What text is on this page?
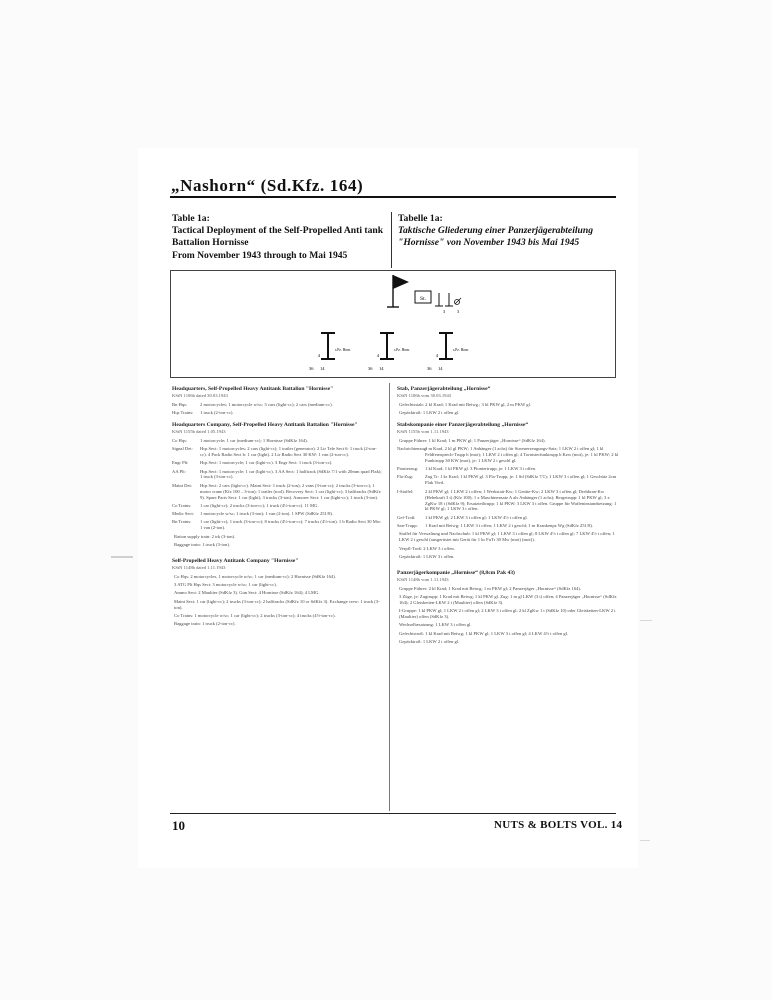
„Nashorn“ (Sd.Kfz. 164)
Table 1a:
Tactical Deployment of the Self-Propelled Anti tank
Battalion Hornisse
From November 1943 through to Mai 1945
Tabelle 1a:
Taktische Gliederung einer Panzerjägerabteilung
"Hornisse" von November 1943 bis Mai 1945
St.
3	3
s.Pz. Horn.
4
36 14
s.Pz. Horn.
4
36 14
s.Pz. Horn.
4
36 14
Headquarters, Self-Propelled Heavy Antitank Battalion "Hornisse"
KStN 1106b dated 30.03.1943
Bn Hqs:	2 motorcycles; 1 motorcycle w/sc; 3 cars (light-cc); 2 cars (medium-cc).
Hqs Trains:	1 truck (2-ton-cc).
Headquarters Company, Self-Propelled Heavy Antitank Battalion "Hornisse"
KStN 1155b dated 1.05.1943
Co Hqs:	1 motorcycle; 1 car (medium-cc); 1 Hornisse (SdKfz 164).
Signal Det:	Hqs Sect: 1 motorcycles; 2 cars (light-cc); 1 trailer (generator). 2 Ltr Tele Sect 6: 1 truck (2-ton-cc). 4 Pack Radio Sect b: 1 car (light). 2 Ltr Radio Sect 30 KW: 1 van (2-ton-cc).
Engr Plt:	Hqs Sect: 1 motorcycle; 1 car (light-cc). 3 Engr Sect: 1 truck (3-ton-cc).
AA Plt:	Hqs Sect: 1 motorcycle; 1 car (light-cc). 3 AA Sect: 1 halftrack (SdKfz 7/1 with 20mm quad Flak); 1 truck (3-ton-cc).
Maint Det:	Hqs Sect: 2 cars (light-cc). Maint Sect: 1 truck (2-ton); 2 vans (3-ton-cc); 2 trucks (3-ton-cc); 1 motor crane (Kfz 100 – 3-ton); 1 trailer (tool). Recovery Sect: 1 car (light-cc); 3 halftracks (SdKfz 9). Spare Parts Sect: 1 car (light); 3 trucks (3-ton). Armorer Sect: 1 car (light-cc); 1 truck (3-ton).
Co Trains:	1 car (light-cc); 2 trucks (3-ton-cc); 1 truck (4½-ton-cc). 11 MG.
Medic Sect:	1 motorcycle w/sc; 1 truck (3-ton); 1 van (2-ton). 1 SPW (SdKfz 251/8).
Bn Trains:	1 car (light-cc); 1 truck (3-ton-cc); 8 trucks (4½-ton-cc); 7 trucks (4½-ton). 1 b Radio Sect 30 Mw: 1 van (2-ton).
Ration supply train: 2 trk (3-ton).
Baggage train: 1 truck (3-ton).
Self-Propelled Heavy Antitank Company "Hornisse"
KStN 1148b dated 1.11.1943
Co Hqs: 2 motorcycles, 1 motorcycle w/sc; 1 car (medium-cc); 2 Hornisse (SdKfz 164).
3 ATG Plt Hqs Sect: 3 motorcycle w/sc; 1 car (light-cc).
Ammo Sect: 2 Maultier (SdKfz 3). Gun Sect: 4 Hornisse (SdKfz 164); 4 LMG.
Maint Sect: 1 car (light-cc); 2 trucks (3-ton-cc); 2 halftracks (SdKfz 10 or SdKfz 3). Exchange crew: 1 truck (3-ton).
Co Trains: 1 motorcycle w/sc; 1 car (light-cc); 2 trucks (3-ton-cc); 4 trucks (4½-ton-cc).
Baggage train: 1 truck (2-ton-cc).
Stab, Panzerjägerabteilung „Hornisse“
KStN 1106b vom 30.03.1943
Gefechtsstab: 2 kl Krad; 1 Krad mit Beiwg.; 3 kl PKW gl, 2 m PKW gl.
Gepäcktroß: 1 LKW 2 t offen gl.
Stabskompanie einer Panzerjägerabteilung „Hornisse“
KStN 1155b vom 1.11.1943
Gruppe Führer: 1 kl Krad; 1 m PKW gl; 1 Panzerjäger „Hornisse“ (SdKfz 164).
Nachrichtenzug:
1 m Krad, 2 kl gl PKW; 1 Anhänger (1 achs) für Stromerzeugungs-Satz; 1 LKW 2 t offen gl; 1 kl Feldfernsprech-Trupp b (mot); 1 LKW 2 t offen gl; 4 Tornisterfunktrupp b Kzw (mot), je: 1 kl PKW; 2 kl Funktrupp 30 KW (mot), je: 1 LKW 2 t geschl gl.
Pionierzug:	1 kl Krad; 1 kl PKW gl. 3 Pioniertrupp, je: 1 LKW 3 t offen.
Fla-Zug:	Zug Tr: 1 kr Krad; 1 kl PKW gl. 3 Fla-Trupp, je: 1 Sd (SdKfz 7/1); 1 LKW 3 t offen gl; 1 Geschütz 2cm Flak Vierl.
I-Staffel:	2 kl PKW gl; 1 LKW 2 t offen; 1 Werkstatt-Kw; 1 Geräte-Kw; 2 LKW 3 t offen gl; Drehkran-Kw (Hebekraft 3 t) (Kfz 100); 1 x Maschinensatz A als Anhänger (1 achs); Bergetrupp: 1 kl PKW gl; 3 x ZgKw 18 t (SdKfz 9); Ersatzteiltrupp: 1 kl PKW; 3 LKW 3 t offen. Gruppe für Waffeninstandsetzung: 1 kl PKW gl; 1 LKW 3 t offen.
Gef-Troß:	1 kl PKW gl; 2 LKW 3 t offen gl; 1 LKW 4½ t offen gl.
San-Trupp:	1 Krad mit Beiwg; 1 LKW 3 t offen; 1 LKW 2 t geschl; 1 m Krankenpz Wg (SdKfz 251/8).
Staffel für Verwaltung und Nachschub: 1 kl PKW gl; 1 LKW 3 t offen gl; 8 LKW 4½ t offen gl; 7 LKW 4½ t offen; 1 LKW 2 t geschl (ausgerüstet mit Gerät für 1 kr FuTr 30 Mw (mot) (mot)).
Verpfl-Troß: 2 LKW 3 t offen.
Gepäcktroß: 1 LKW 3 t offen.
Panzerjägerkompanie „Hornisse“ (8,8cm Pak 43)
KStN 1148b vom 1.11.1943
Gruppe Führer: 2 kl Krad; 1 Krad mit Beiwg; 1 m PKW gl; 2 Panzerjäger „Hornisse“ (SdKfz 164).
3 Züge, je: Zugtrupp: 1 Krad mit Beiwg; 1 kl PKW gl. Zug: 1 m gl LKW (3 t) offen; 4 Panzerjäger „Hornisse“ (SdKfz 164); 2 Gleisketten-LKW 2 t (Maultier) offen (SdKfz 3).
I-Gruppe: 1 kl PKW gl; 1 LKW 2 t offen gl; 2 LKW 3 t offen gl; 2 kl ZgKw 1 t (SdKfz 10) oder Gleisketten-LKW 2 t (Maultier) offen (SdKfz 3).
Wechselbesatzung: 1 LKW 3 t offen gl.
Gefechtstroß: 1 kl Krad mit Beiwg; 1 kl PKW gl; 1 LKW 3 t offen gl; 4 LKW 4½ t offen gl.
Gepäcktroß: 1 LKW 2 t offen gl.
10	NUTS & BOLTS VOL. 14
